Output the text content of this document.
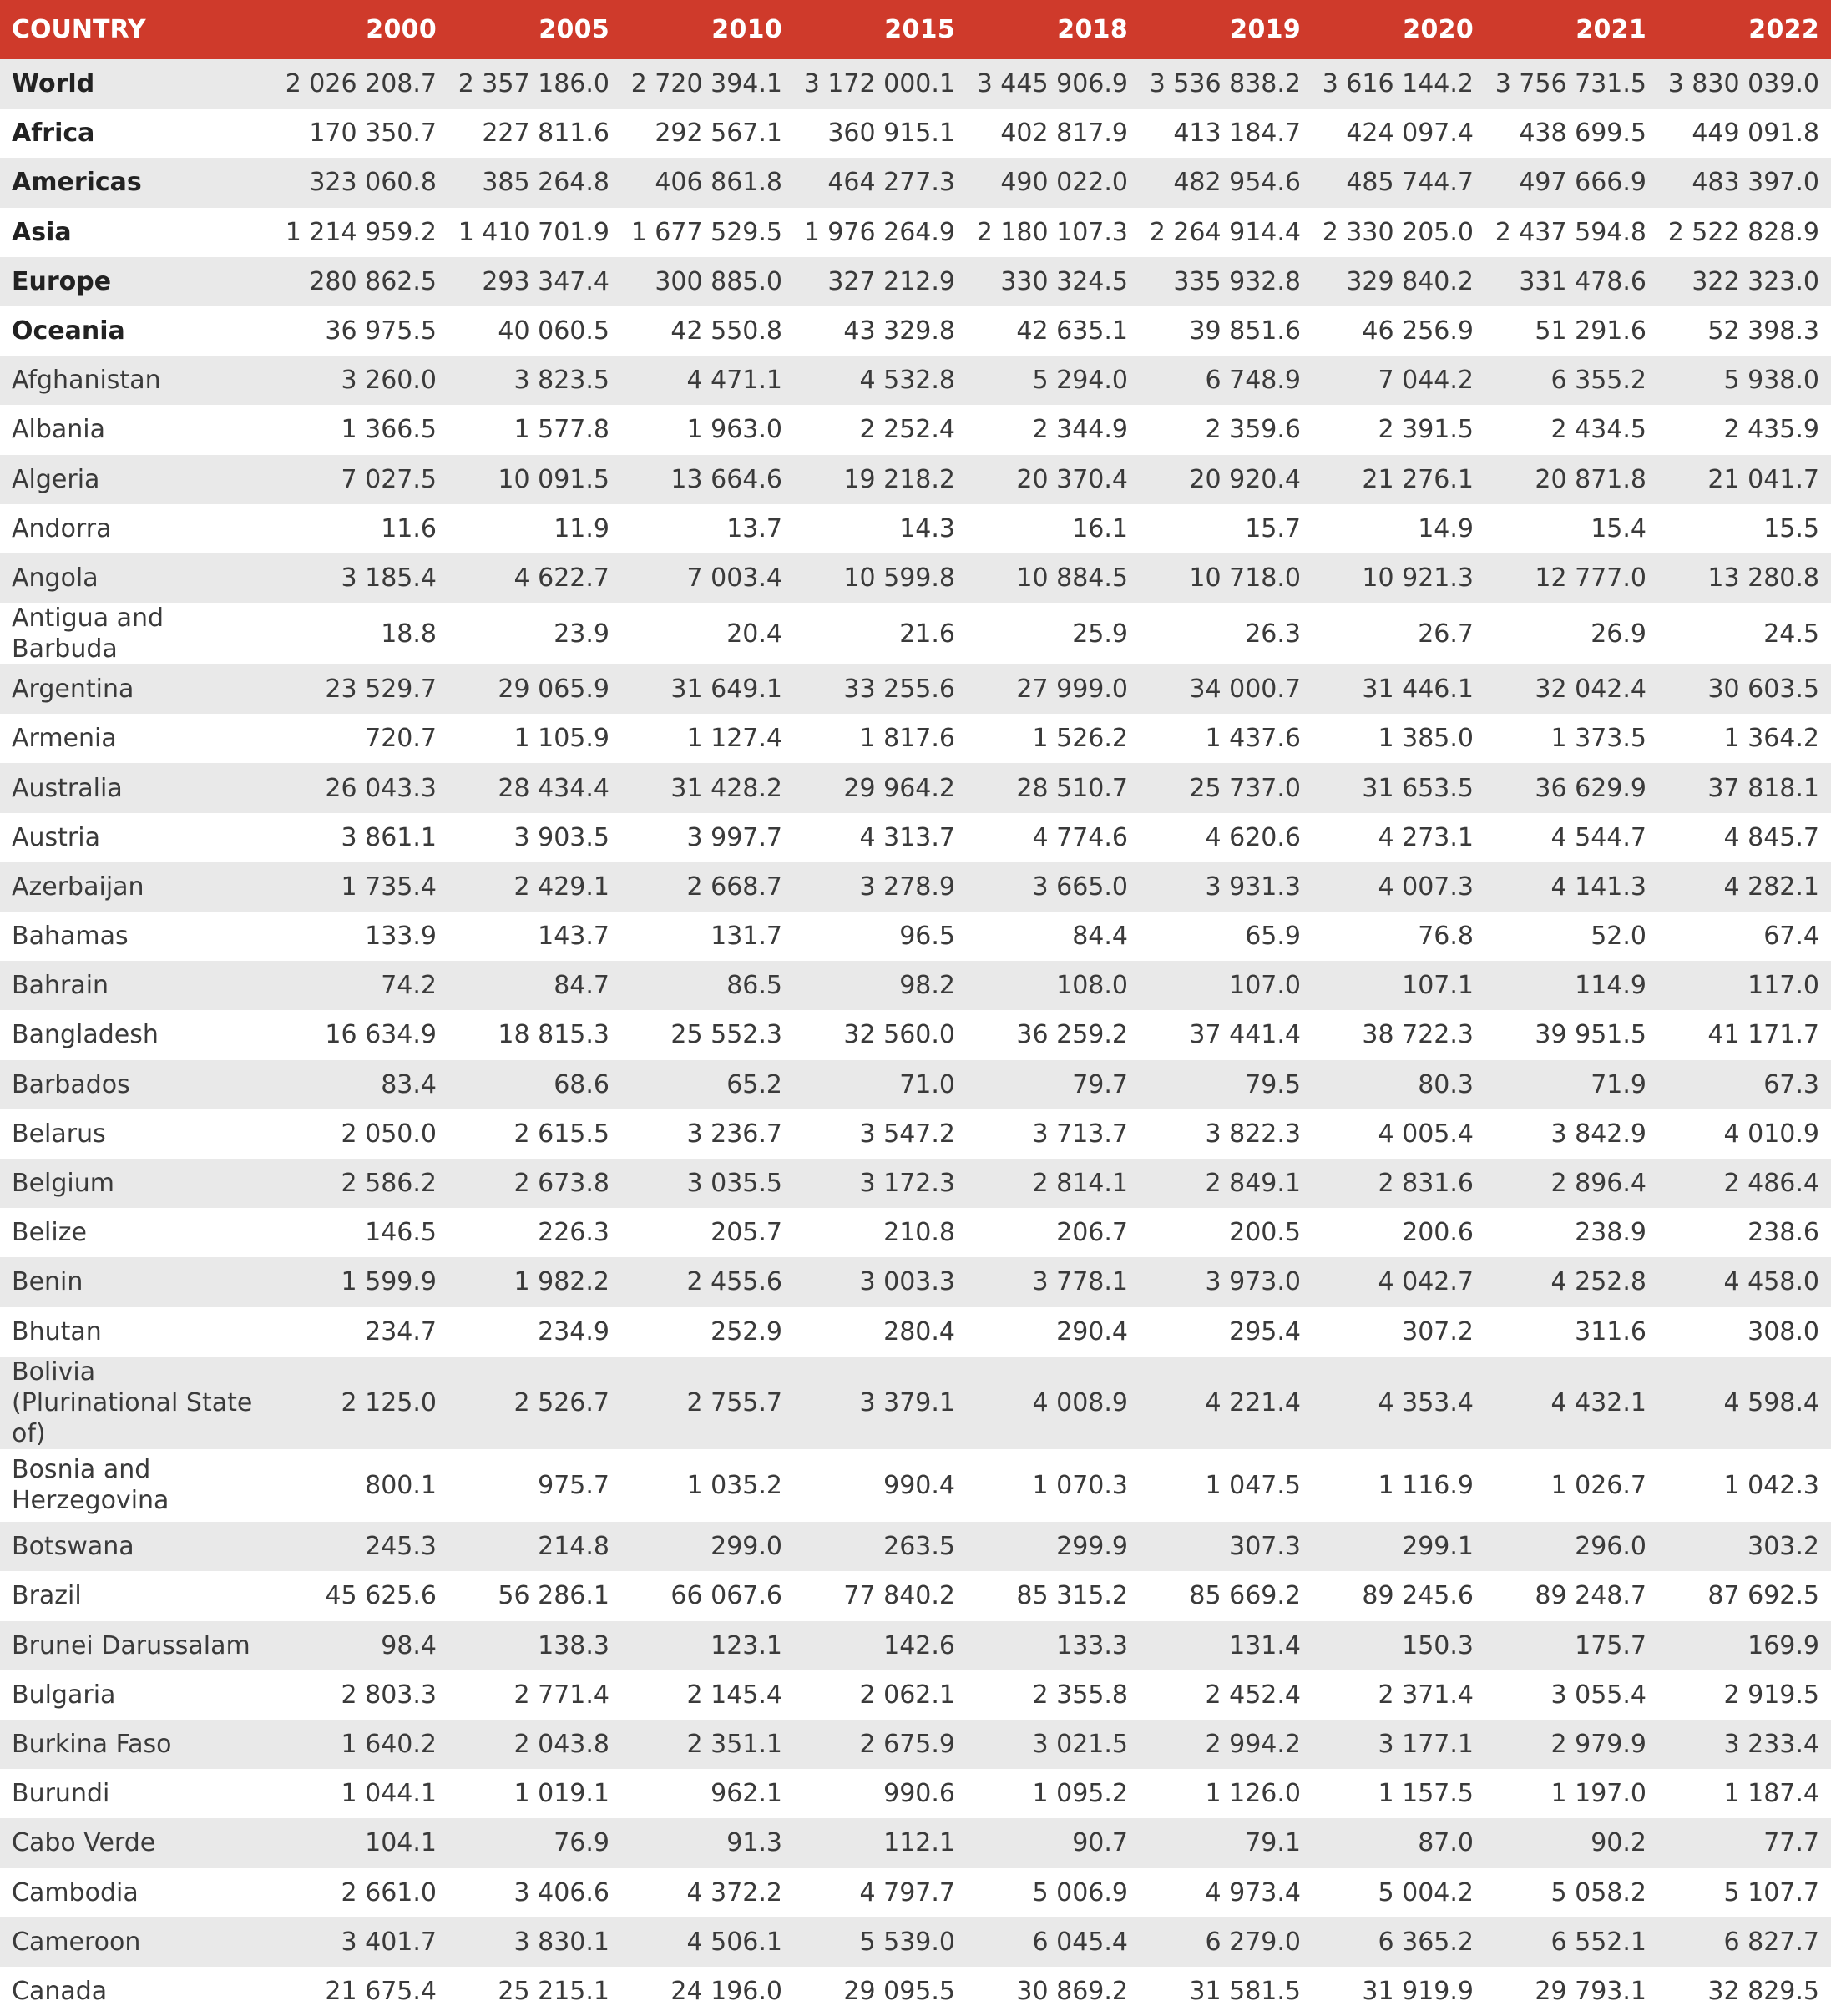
COUNTRY	2000	2005	2010	2015	2018	2019	2020	2021	2022
World	2 026 208.7	2 357 186.0	2 720 394.1	3 172 000.1	3 445 906.9	3 536 838.2	3 616 144.2	3 756 731.5	3 830 039.0
Africa	170 350.7	227 811.6	292 567.1	360 915.1	402 817.9	413 184.7	424 097.4	438 699.5	449 091.8
Americas	323 060.8	385 264.8	406 861.8	464 277.3	490 022.0	482 954.6	485 744.7	497 666.9	483 397.0
Asia	1 214 959.2	1 410 701.9	1 677 529.5	1 976 264.9	2 180 107.3	2 264 914.4	2 330 205.0	2 437 594.8	2 522 828.9
Europe	280 862.5	293 347.4	300 885.0	327 212.9	330 324.5	335 932.8	329 840.2	331 478.6	322 323.0
Oceania	36 975.5	40 060.5	42 550.8	43 329.8	42 635.1	39 851.6	46 256.9	51 291.6	52 398.3
Afghanistan	3 260.0	3 823.5	4 471.1	4 532.8	5 294.0	6 748.9	7 044.2	6 355.2	5 938.0
Albania	1 366.5	1 577.8	1 963.0	2 252.4	2 344.9	2 359.6	2 391.5	2 434.5	2 435.9
Algeria	7 027.5	10 091.5	13 664.6	19 218.2	20 370.4	20 920.4	21 276.1	20 871.8	21 041.7
Andorra	11.6	11.9	13.7	14.3	16.1	15.7	14.9	15.4	15.5
Angola	3 185.4	4 622.7	7 003.4	10 599.8	10 884.5	10 718.0	10 921.3	12 777.0	13 280.8
Antigua and Barbuda	18.8	23.9	20.4	21.6	25.9	26.3	26.7	26.9	24.5
Argentina	23 529.7	29 065.9	31 649.1	33 255.6	27 999.0	34 000.7	31 446.1	32 042.4	30 603.5
Armenia	720.7	1 105.9	1 127.4	1 817.6	1 526.2	1 437.6	1 385.0	1 373.5	1 364.2
Australia	26 043.3	28 434.4	31 428.2	29 964.2	28 510.7	25 737.0	31 653.5	36 629.9	37 818.1
Austria	3 861.1	3 903.5	3 997.7	4 313.7	4 774.6	4 620.6	4 273.1	4 544.7	4 845.7
Azerbaijan	1 735.4	2 429.1	2 668.7	3 278.9	3 665.0	3 931.3	4 007.3	4 141.3	4 282.1
Bahamas	133.9	143.7	131.7	96.5	84.4	65.9	76.8	52.0	67.4
Bahrain	74.2	84.7	86.5	98.2	108.0	107.0	107.1	114.9	117.0
Bangladesh	16 634.9	18 815.3	25 552.3	32 560.0	36 259.2	37 441.4	38 722.3	39 951.5	41 171.7
Barbados	83.4	68.6	65.2	71.0	79.7	79.5	80.3	71.9	67.3
Belarus	2 050.0	2 615.5	3 236.7	3 547.2	3 713.7	3 822.3	4 005.4	3 842.9	4 010.9
Belgium	2 586.2	2 673.8	3 035.5	3 172.3	2 814.1	2 849.1	2 831.6	2 896.4	2 486.4
Belize	146.5	226.3	205.7	210.8	206.7	200.5	200.6	238.9	238.6
Benin	1 599.9	1 982.2	2 455.6	3 003.3	3 778.1	3 973.0	4 042.7	4 252.8	4 458.0
Bhutan	234.7	234.9	252.9	280.4	290.4	295.4	307.2	311.6	308.0
Bolivia (Plurinational State of)	2 125.0	2 526.7	2 755.7	3 379.1	4 008.9	4 221.4	4 353.4	4 432.1	4 598.4
Bosnia and Herzegovina	800.1	975.7	1 035.2	990.4	1 070.3	1 047.5	1 116.9	1 026.7	1 042.3
Botswana	245.3	214.8	299.0	263.5	299.9	307.3	299.1	296.0	303.2
Brazil	45 625.6	56 286.1	66 067.6	77 840.2	85 315.2	85 669.2	89 245.6	89 248.7	87 692.5
Brunei Darussalam	98.4	138.3	123.1	142.6	133.3	131.4	150.3	175.7	169.9
Bulgaria	2 803.3	2 771.4	2 145.4	2 062.1	2 355.8	2 452.4	2 371.4	3 055.4	2 919.5
Burkina Faso	1 640.2	2 043.8	2 351.1	2 675.9	3 021.5	2 994.2	3 177.1	2 979.9	3 233.4
Burundi	1 044.1	1 019.1	962.1	990.6	1 095.2	1 126.0	1 157.5	1 197.0	1 187.4
Cabo Verde	104.1	76.9	91.3	112.1	90.7	79.1	87.0	90.2	77.7
Cambodia	2 661.0	3 406.6	4 372.2	4 797.7	5 006.9	4 973.4	5 004.2	5 058.2	5 107.7
Cameroon	3 401.7	3 830.1	4 506.1	5 539.0	6 045.4	6 279.0	6 365.2	6 552.1	6 827.7
Canada	21 675.4	25 215.1	24 196.0	29 095.5	30 869.2	31 581.5	31 919.9	29 793.1	32 829.5
